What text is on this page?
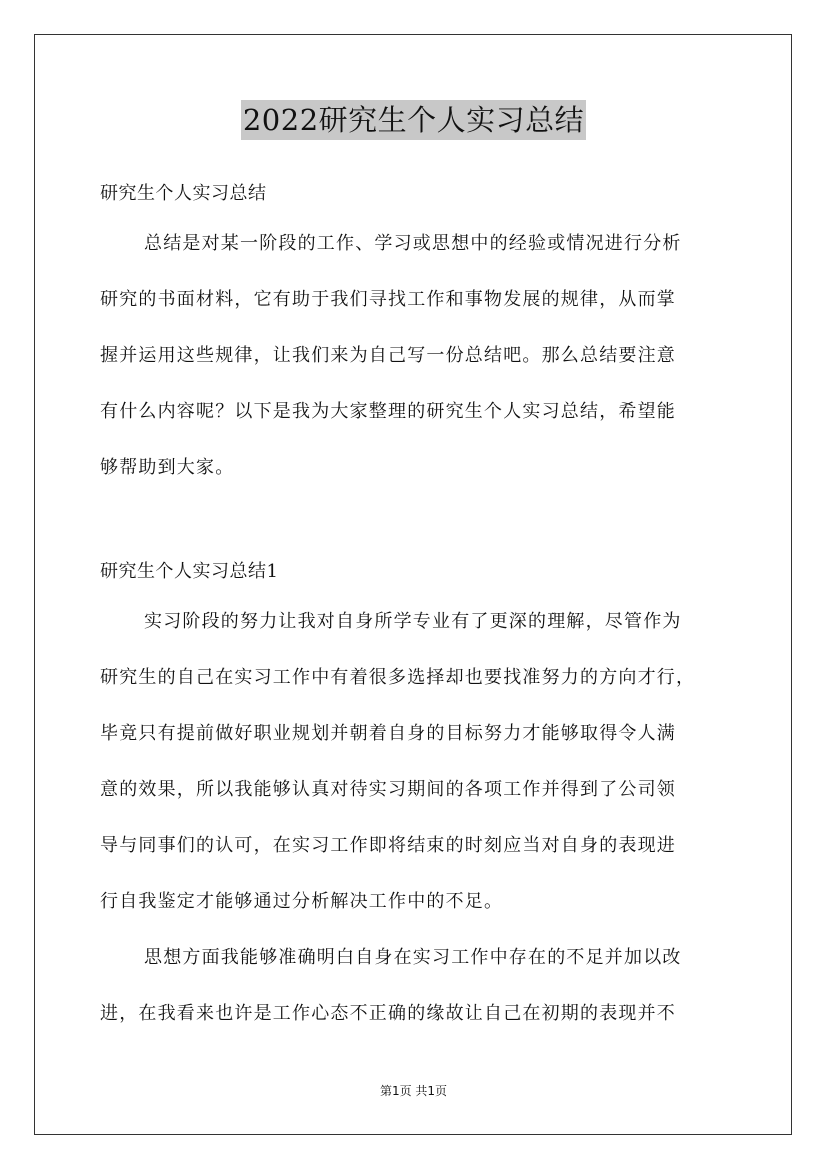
2022研究生个人实习总结

研究生个人实习总结

总结是对某一阶段的工作、学习或思想中的经验或情况进行分析
研究的书面材料，它有助于我们寻找工作和事物发展的规律，从而掌
握并运用这些规律，让我们来为自己写一份总结吧。那么总结要注意
有什么内容呢？以下是我为大家整理的研究生个人实习总结，希望能
够帮助到大家。

研究生个人实习总结1

实习阶段的努力让我对自身所学专业有了更深的理解，尽管作为
研究生的自己在实习工作中有着很多选择却也要找准努力的方向才行，
毕竟只有提前做好职业规划并朝着自身的目标努力才能够取得令人满
意的效果，所以我能够认真对待实习期间的各项工作并得到了公司领
导与同事们的认可，在实习工作即将结束的时刻应当对自身的表现进
行自我鉴定才能够通过分析解决工作中的不足。

思想方面我能够准确明白自身在实习工作中存在的不足并加以改
进，在我看来也许是工作心态不正确的缘故让自己在初期的表现并不

第1页 共1页
